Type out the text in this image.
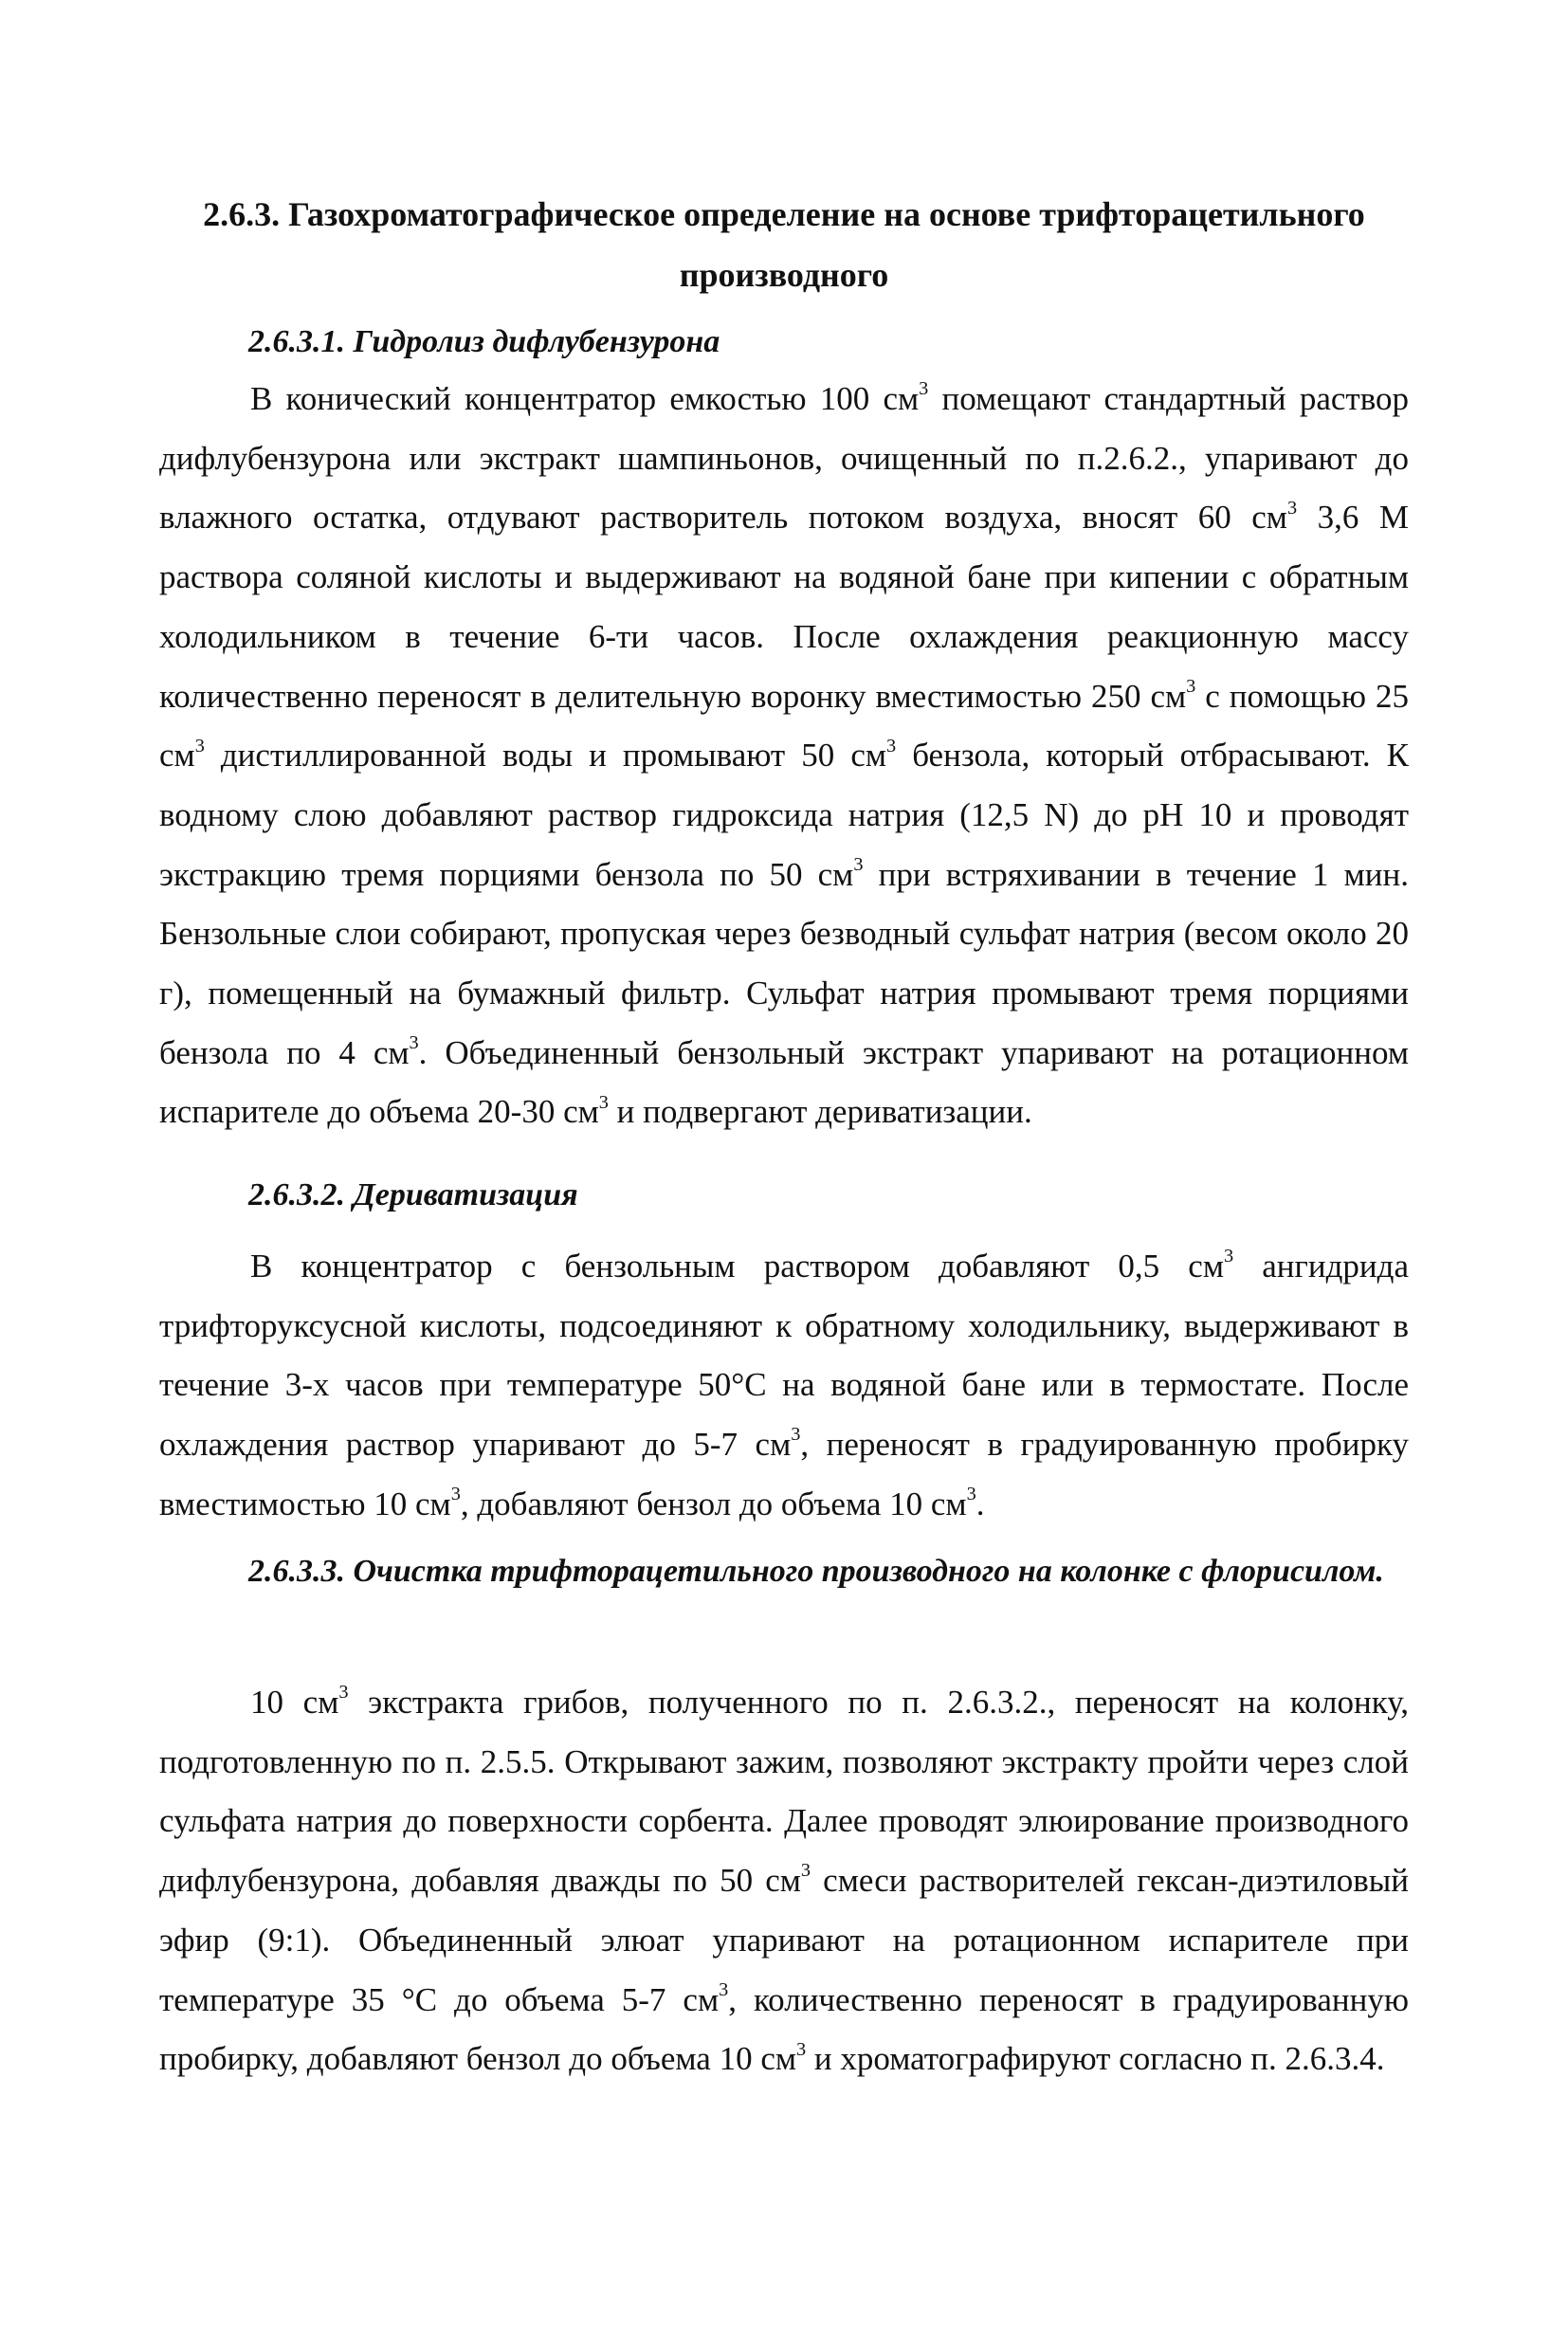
2.6.3. Газохроматографическое определение на основе трифторацетильного производного
2.6.3.1. Гидролиз дифлубензурона

В конический концентратор емкостью 100 $см^3$ помещают стандартный раствор дифлубензурона или экстракт шампиньонов, очищенный по п.2.6.2., упаривают до влажного остатка, отдувают растворитель потоком воздуха, вносят 60 $см^3$ 3,6 М раствора соляной кислоты и выдерживают на водяной бане при кипении с обратным холодильником в течение 6-ти часов. После охлаждения реакционную массу количественно переносят в делительную воронку вместимостью 250 $см^3$ с помощью 25 $см^3$ дистиллированной воды и промывают 50 $см^3$ бензола, который отбрасывают. К водному слою добавляют раствор гидроксида натрия (12,5 N) до рН 10 и проводят экстракцию тремя порциями бензола по 50 $см^3$ при встряхивании в течение 1 мин. Бензольные слои собирают, пропуская через безводный сульфат натрия (весом около 20 г), помещенный на бумажный фильтр. Сульфат натрия промывают тремя порциями бензола по 4 $см^3$. Объединенный бензольный экстракт упаривают на ротационном испарителе до объема 20-30 $см^3$ и подвергают дериватизации.

2.6.3.2. Дериватизация

В концентратор с бензольным раствором добавляют 0,5 $см^3$ ангидрида трифторуксусной кислоты, подсоединяют к обратному холодильнику, выдерживают в течение 3-х часов при температуре 50°С на водяной бане или в термостате. После охлаждения раствор упаривают до 5-7 $см^3$, переносят в градуированную пробирку вместимостью 10 $см^3$, добавляют бензол до объема 10 $см^3$.

2.6.3.3. Очистка трифторацетильного производного на колонке с флорисилом.

10 $см^3$ экстракта грибов, полученного по п. 2.6.3.2., переносят на колонку, подготовленную по п. 2.5.5. Открывают зажим, позволяют экстракту пройти через слой сульфата натрия до поверхности сорбента. Далее проводят элюирование производного дифлубензурона, добавляя дважды по 50 $см^3$ смеси растворителей гексан-диэтиловый эфир (9:1). Объединенный элюат упаривают на ротационном испарителе при температуре 35 °С до объема 5-7 $см^3$, количественно переносят в градуированную пробирку, добавляют бензол до объема 10 $см^3$ и хроматографируют согласно п. 2.6.3.4.
